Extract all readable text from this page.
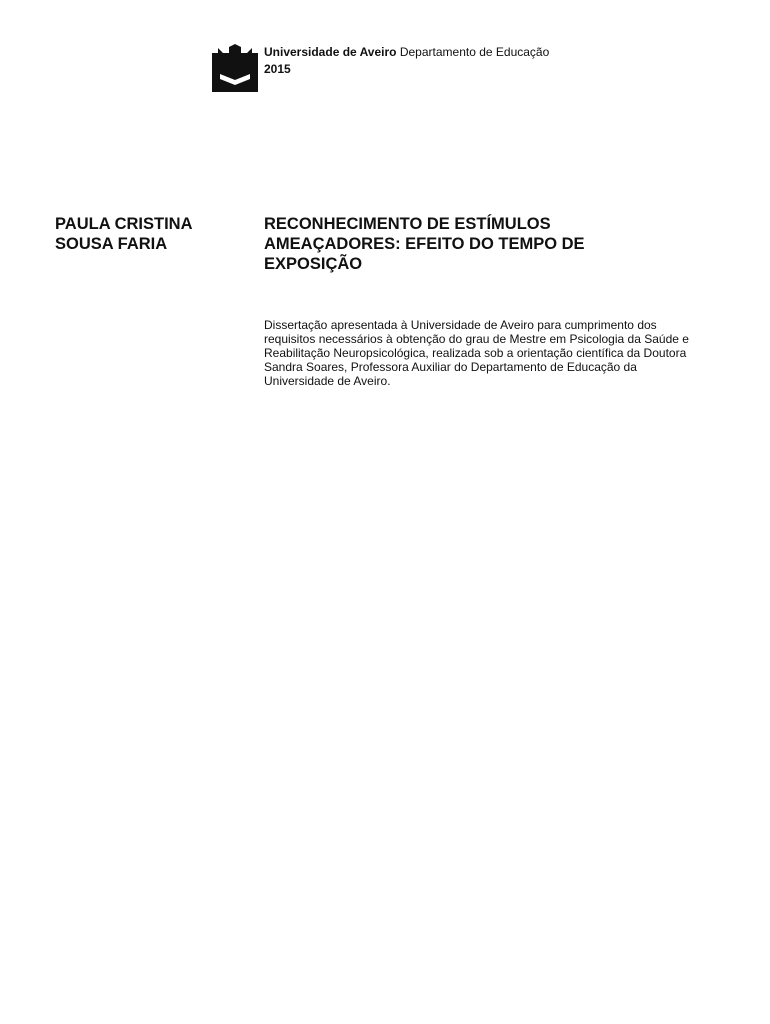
Universidade de Aveiro Departamento de Educação
2015
PAULA CRISTINA
SOUSA FARIA
RECONHECIMENTO DE ESTÍMULOS
AMEAÇADORES: EFEITO DO TEMPO DE
EXPOSIÇÃO
Dissertação apresentada à Universidade de Aveiro para cumprimento dos
requisitos necessários à obtenção do grau de Mestre em Psicologia da Saúde e
Reabilitação Neuropsicológica, realizada sob a orientação científica da Doutora
Sandra Soares, Professora Auxiliar do Departamento de Educação da
Universidade de Aveiro.
